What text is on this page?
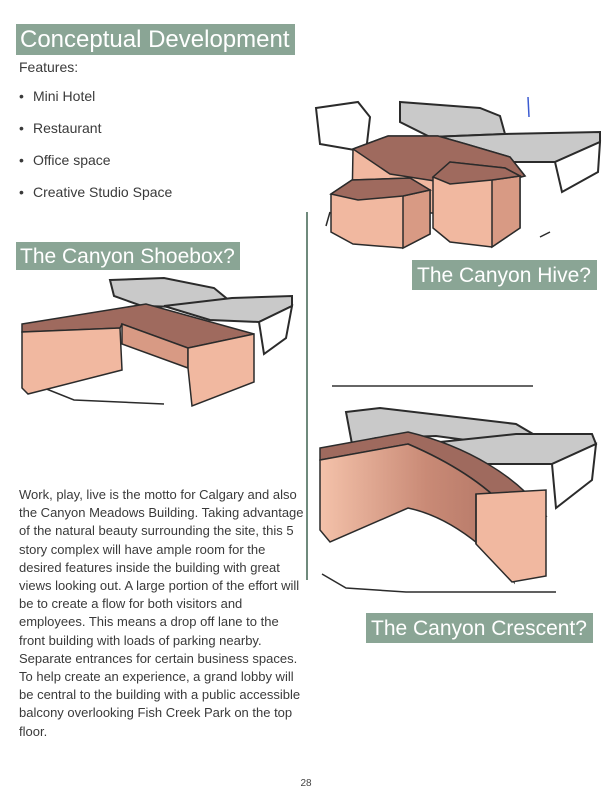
Conceptual Development
Features:
• Mini Hotel
• Restaurant
• Office space
• Creative Studio Space
The Canyon Shoebox?
The Canyon Hive?

Work, play, live is the motto for Calgary and also the Canyon Meadows Building. Taking advantage of the natural beauty surrounding the site, this 5 story complex will have ample room for the desired features inside the building with great views looking out. A large portion of the effort will be to create a flow for both visitors and employees. This means a drop off lane to the front building with loads of parking nearby. Separate entrances for certain business spaces. To help create an experience, a grand lobby will be central to the building with a public accessible balcony overlooking Fish Creek Park on the top floor.

The Canyon Crescent?
28
